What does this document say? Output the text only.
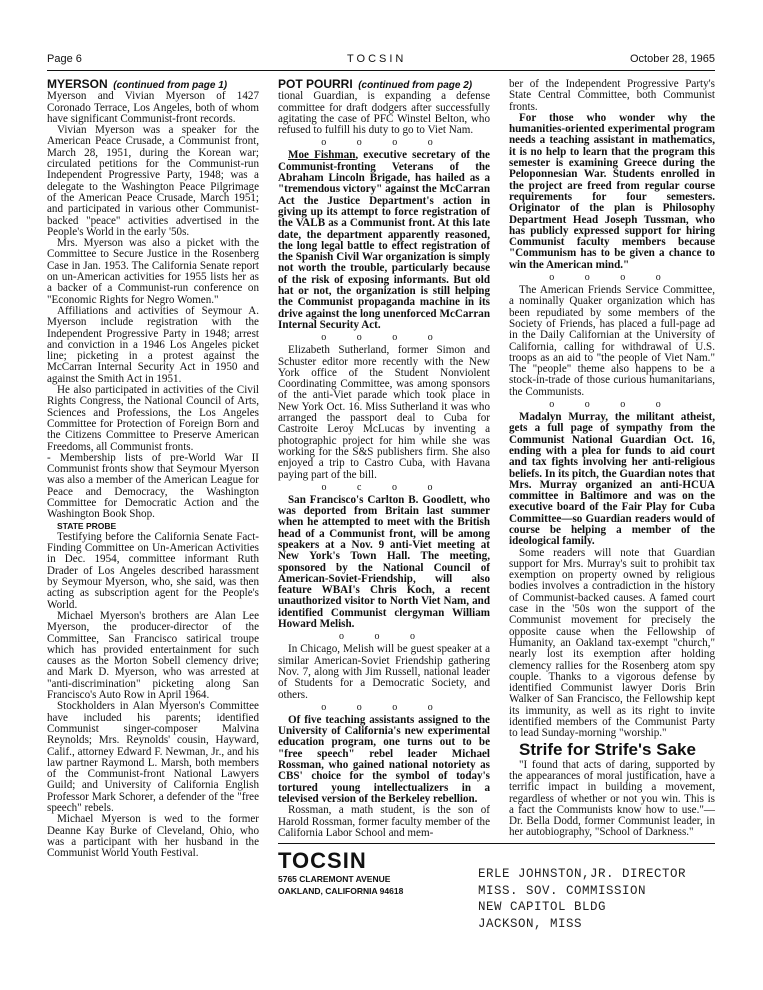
Page 6	TOCSIN	October 28, 1965

MYERSON (continued from page 1)

Myerson and Vivian Myerson of 1427 Coronado Terrace, Los Angeles, both of whom have significant Communist-front records.

Vivian Myerson was a speaker for the American Peace Crusade, a Communist front, March 28, 1951, during the Korean war; circulated petitions for the Communist-run Independent Progressive Party, 1948; was a delegate to the Washington Peace Pilgrimage of the American Peace Crusade, March 1951; and participated in various other Communist-backed "peace" activities advertised in the People's World in the early '50s.

Mrs. Myerson was also a picket with the Committee to Secure Justice in the Rosenberg Case in Jan. 1953. The California Senate report on un-American activities for 1955 lists her as a backer of a Communist-run conference on "Economic Rights for Negro Women."

Affiliations and activities of Seymour A. Myerson include registration with the Independent Progressive Party in 1948; arrest and conviction in a 1946 Los Angeles picket line; picketing in a protest against the McCarran Internal Security Act in 1950 and against the Smith Act in 1951.

He also participated in activities of the Civil Rights Congress, the National Council of Arts, Sciences and Professions, the Los Angeles Committee for Protection of Foreign Born and the Citizens Committee to Preserve American Freedoms, all Communist fronts.

- Membership lists of pre-World War II Communist fronts show that Seymour Myerson was also a member of the American League for Peace and Democracy, the Washington Committee for Democratic Action and the Washington Book Shop.

STATE PROBE

Testifying before the California Senate Fact-Finding Committee on Un-American Activities in Dec. 1954, committee informant Ruth Drader of Los Angeles described harassment by Seymour Myerson, who, she said, was then acting as subscription agent for the People's World.

Michael Myerson's brothers are Alan Lee Myerson, the producer-director of the Committee, San Francisco satirical troupe which has provided entertainment for such causes as the Morton Sobell clemency drive; and Mark D. Myerson, who was arrested at "anti-discrimination" picketing along San Francisco's Auto Row in April 1964.

Stockholders in Alan Myerson's Committee have included his parents; identified Communist singer-composer Malvina Reynolds; Mrs. Reynolds' cousin, Hayward, Calif., attorney Edward F. Newman, Jr., and his law partner Raymond L. Marsh, both members of the Communist-front National Lawyers Guild; and University of California English Professor Mark Schorer, a defender of the "free speech" rebels.

Michael Myerson is wed to the former Deanne Kay Burke of Cleveland, Ohio, who was a participant with her husband in the Communist World Youth Festival.

POT POURRI (continued from page 2)

tional Guardian, is expanding a defense committee for draft dodgers after successfully agitating the case of PFC Winstel Belton, who refused to fulfill his duty to go to Viet Nam.

o o o o

Moe Fishman, executive secretary of the Communist-fronting Veterans of the Abraham Lincoln Brigade, has hailed as a "tremendous victory" against the McCarran Act the Justice Department's action in giving up its attempt to force registration of the VALB as a Communist front. At this late date, the department apparently reasoned, the long legal battle to effect registration of the Spanish Civil War organization is simply not worth the trouble, particularly because of the risk of exposing informants. But old hat or not, the organization is still helping the Communist propaganda machine in its drive against the long unenforced McCarran Internal Security Act.

o o o o

Elizabeth Sutherland, former Simon and Schuster editor more recently with the New York office of the Student Nonviolent Coordinating Committee, was among sponsors of the anti-Viet parade which took place in New York Oct. 16. Miss Sutherland it was who arranged the passport deal to Cuba for Castroite Leroy McLucas by inventing a photographic project for him while she was working for the S&S publishers firm. She also enjoyed a trip to Castro Cuba, with Havana paying part of the bill.

o c o o

San Francisco's Carlton B. Goodlett, who was deported from Britain last summer when he attempted to meet with the British head of a Communist front, will be among speakers at a Nov. 9 anti-Viet meeting at New York's Town Hall. The meeting, sponsored by the National Council of American-Soviet-Friendship, will also feature WBAI's Chris Koch, a recent unauthorized visitor to North Viet Nam, and identified Communist clergyman William Howard Melish.

o o o

In Chicago, Melish will be guest speaker at a similar American-Soviet Friendship gathering Nov. 7, along with Jim Russell, national leader of Students for a Democratic Society, and others.

o o o o

Of five teaching assistants assigned to the University of California's new experimental education program, one turns out to be "free speech" rebel leader Michael Rossman, who gained national notoriety as CBS' choice for the symbol of today's tortured young intellectualizers in a televised version of the Berkeley rebellion.

Rossman, a math student, is the son of Harold Rossman, former faculty member of the California Labor School and mem-

ber of the Independent Progressive Party's State Central Committee, both Communist fronts.

For those who wonder why the humanities-oriented experimental program needs a teaching assistant in mathematics, it is no help to learn that the program this semester is examining Greece during the Peloponnesian War. Students enrolled in the project are freed from regular course requirements for four semesters. Originator of the plan is Philosophy Department Head Joseph Tussman, who has publicly expressed support for hiring Communist faculty members because "Communism has to be given a chance to win the American mind."

o o o o

The American Friends Service Committee, a nominally Quaker organization which has been repudiated by some members of the Society of Friends, has placed a full-page ad in the Daily Californian at the University of California, calling for withdrawal of U.S. troops as an aid to "the people of Viet Nam." The "people" theme also happens to be a stock-in-trade of those curious humanitarians, the Communists.

o o o o

Madalyn Murray, the militant atheist, gets a full page of sympathy from the Communist National Guardian Oct. 16, ending with a plea for funds to aid court and tax fights involving her anti-religious beliefs. In its pitch, the Guardian notes that Mrs. Murray organized an anti-HCUA committee in Baltimore and was on the executive board of the Fair Play for Cuba Committee—so Guardian readers would of course be helping a member of the ideological family.

Some readers will note that Guardian support for Mrs. Murray's suit to prohibit tax exemption on property owned by religious bodies involves a contradiction in the history of Communist-backed causes. A famed court case in the '50s won the support of the Communist movement for precisely the opposite cause when the Fellowship of Humanity, an Oakland tax-exempt "church," nearly lost its exemption after holding clemency rallies for the Rosenberg atom spy couple. Thanks to a vigorous defense by identified Communist lawyer Doris Brin Walker of San Francisco, the Fellowship kept its immunity, as well as its right to invite identified members of the Communist Party to lead Sunday-morning "worship."

Strife for Strife's Sake

"I found that acts of daring, supported by the appearances of moral justification, have a terrific impact in building a movement, regardless of whether or not you win. This is a fact the Communists know how to use."—Dr. Bella Dodd, former Communist leader, in her autobiography, "School of Darkness."

TOCSIN
5765 CLAREMONT AVENUE
OAKLAND, CALIFORNIA 94618
ERLE JOHNSTON,JR. DIRECTOR
MISS. SOV. COMMISSION
NEW CAPITOL BLDG
JACKSON, MISS
